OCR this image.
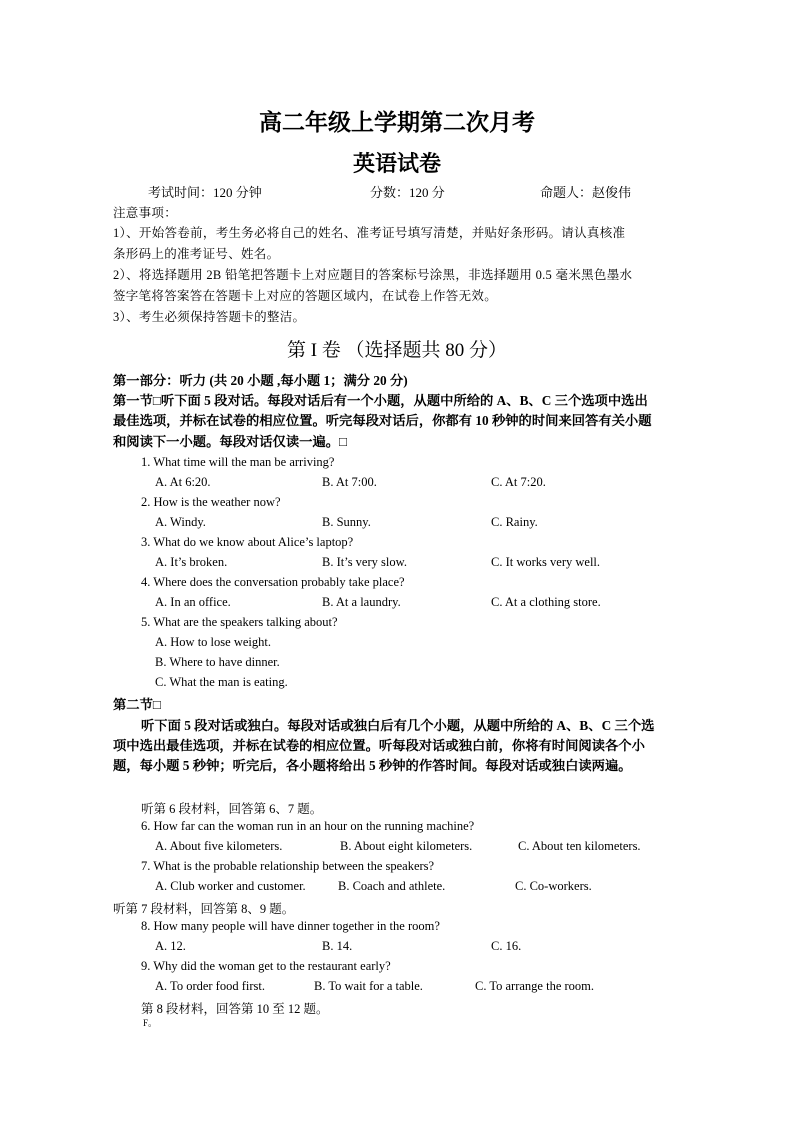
高二年级上学期第二次月考
英语试卷
考试时间：120 分钟	分数：120 分	命题人：赵俊伟
注意事项：
1）、开始答卷前，考生务必将自己的姓名、准考证号填写清楚，并贴好条形码。请认真核准
条形码上的准考证号、姓名。
2）、将选择题用 2B 铅笔把答题卡上对应题目的答案标号涂黑，非选择题用 0.5 毫米黑色墨水
签字笔将答案答在答题卡上对应的答题区域内，在试卷上作答无效。
3）、考生必须保持答题卡的整洁。
第 I 卷 （选择题共 80 分）
第一部分：听力 (共 20 小题 ,每小题 1；满分 20 分)
第一节□听下面 5 段对话。每段对话后有一个小题，从题中所给的 A、B、C 三个选项中选出
最佳选项，并标在试卷的相应位置。听完每段对话后，你都有 10 秒钟的时间来回答有关小题
和阅读下一小题。每段对话仅读一遍。□
1. What time will the man be arriving?
A. At 6:20.	B. At 7:00.	C. At 7:20.
2. How is the weather now?
A. Windy.	B. Sunny.	C. Rainy.
3. What do we know about Alice’s laptop?
A. It’s broken.	B. It’s very slow.	C. It works very well.
4. Where does the conversation probably take place?
A. In an office.	B. At a laundry.	C. At a clothing store.
5. What are the speakers talking about?
A. How to lose weight.
B. Where to have dinner.
C. What the man is eating.
第二节□
听下面 5 段对话或独白。每段对话或独白后有几个小题，从题中所给的 A、B、C 三个选
项中选出最佳选项，并标在试卷的相应位置。听每段对话或独白前，你将有时间阅读各个小
题，每小题 5 秒钟；听完后，各小题将给出 5 秒钟的作答时间。每段对话或独白读两遍。
听第 6 段材料，回答第 6、7 题。
6. How far can the woman run in an hour on the running machine?
A. About five kilometers.	B. About eight kilometers.	C. About ten kilometers.
7. What is the probable relationship between the speakers?
A. Club worker and customer.	B. Coach and athlete.	C. Co-workers.
听第 7 段材料，回答第 8、9 题。
8. How many people will have dinner together in the room?
A. 12.	B. 14.	C. 16.
9. Why did the woman get to the restaurant early?
A. To order food first.	B. To wait for a table.	C. To arrange the room.
第 8 段材料，回答第 10 至 12 题。
F。
